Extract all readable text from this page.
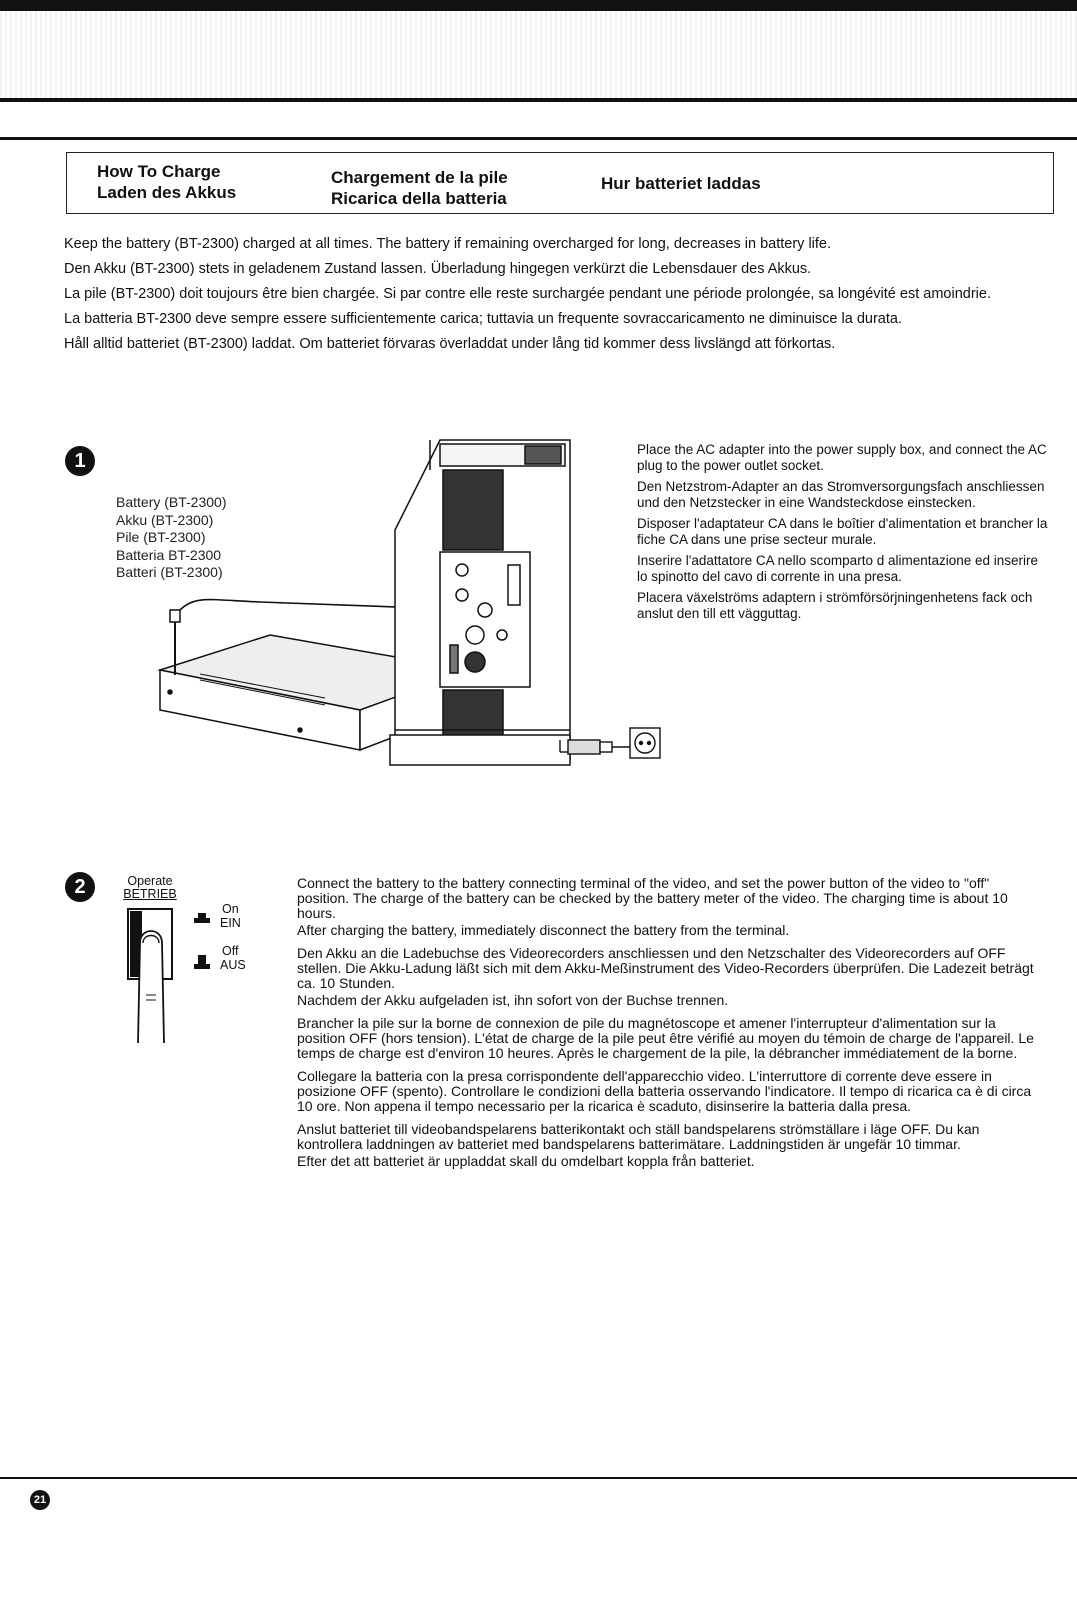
How To Charge
Laden des Akkus
Chargement de la pile
Ricarica della batteria
Hur batteriet laddas

Keep the battery (BT-2300) charged at all times. The battery if remaining overcharged for long, decreases in battery life.

Den Akku (BT-2300) stets in geladenem Zustand lassen. Überladung hingegen verkürzt die Lebensdauer des Akkus.

La pile (BT-2300) doit toujours être bien chargée. Si par contre elle reste surchargée pendant une période prolongée, sa longévité est amoindrie.

La batteria BT-2300 deve sempre essere sufficientemente carica; tuttavia un frequente sovraccaricamento ne diminuisce la durata.

Håll alltid batteriet (BT-2300) laddat. Om batteriet förvaras överladdat under lång tid kommer dess livslängd att förkortas.

1
Battery (BT-2300)
Akku (BT-2300)
Pile (BT-2300)
Batteria BT-2300
Batteri (BT-2300)

Place the AC adapter into the power supply box, and connect the AC plug to the power outlet socket.

Den Netzstrom-Adapter an das Stromversorgungsfach anschliessen und den Netzstecker in eine Wandsteckdose einstecken.

Disposer l'adaptateur CA dans le boîtier d'alimentation et brancher la fiche CA dans une prise secteur murale.

Inserire l'adattatore CA nello scomparto d alimentazione ed inserire lo spinotto del cavo di corrente in una presa.

Placera växelströms adaptern i strömförsörjningenhetens fack och anslut den till ett vägguttag.

2	Operate
BETRIEB
On
EIN
Off
AUS

Connect the battery to the battery connecting terminal of the video, and set the power button of the video to "off" position. The charge of the battery can be checked by the battery meter of the video. The charging time is about 10 hours.

After charging the battery, immediately disconnect the battery from the terminal.

Den Akku an die Ladebuchse des Videorecorders anschliessen und den Netzschalter des Videorecorders auf OFF stellen. Die Akku-Ladung läßt sich mit dem Akku-Meßinstrument des Video-Recorders überprüfen. Die Ladezeit beträgt ca. 10 Stunden.

Nachdem der Akku aufgeladen ist, ihn sofort von der Buchse trennen.

Brancher la pile sur la borne de connexion de pile du magnétoscope et amener l'interrupteur d'alimentation sur la position OFF (hors tension). L'état de charge de la pile peut être vérifié au moyen du témoin de charge de l'appareil. Le temps de charge est d'environ 10 heures. Après le chargement de la pile, la débrancher immédiatement de la borne.

Collegare la batteria con la presa corrispondente dell'apparecchio video. L'interruttore di corrente deve essere in posizione OFF (spento). Controllare le condizioni della batteria osservando l'indicatore. Il tempo di ricarica ca è di circa 10 ore. Non appena il tempo necessario per la ricarica è scaduto, disinserire la batteria dalla presa.

Anslut batteriet till videobandspelarens batterikontakt och ställ bandspelarens strömställare i läge OFF. Du kan kontrollera laddningen av batteriet med bandspelarens batterimätare. Laddningstiden är ungefär 10 timmar.

Efter det att batteriet är uppladdat skall du omdelbart koppla från batteriet.

21
